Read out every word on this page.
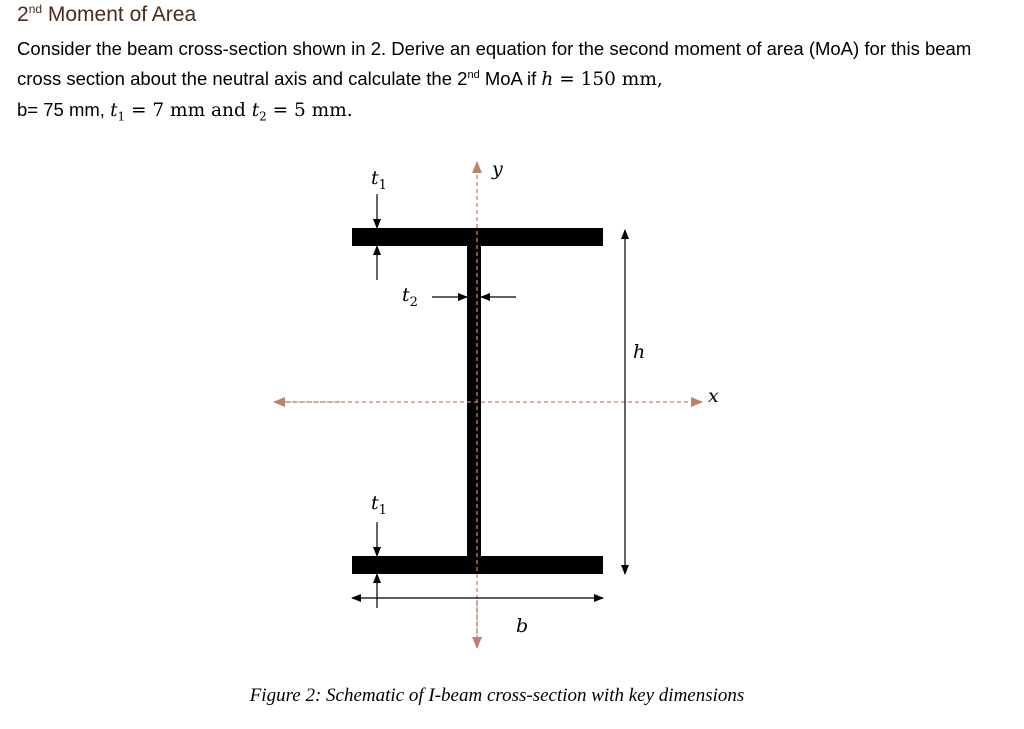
2nd Moment of Area

Consider the beam cross-section shown in 2. Derive an equation for the second moment of area (MoA) for this beam cross section about the neutral axis and calculate the 2nd MoA if h = 150 mm,
b= 75 mm, $t_1 = 7$ mm and $t_2 = 5$ mm.

y
x
h
b
$t_1$
$t_1$
$t_2$
Figure 2: Schematic of I-beam cross-section with key dimensions
